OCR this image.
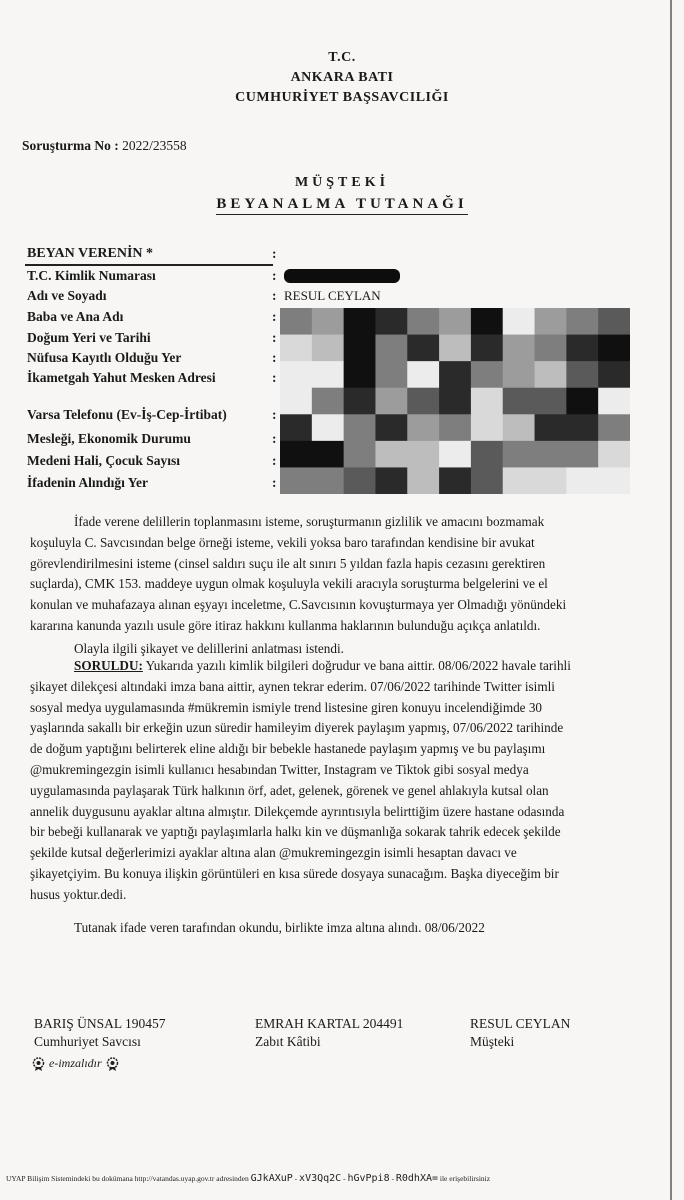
T.C.
ANKARA BATI
CUMHURİYET BAŞSAVCILIĞI
Soruşturma No : 2022/23558
MÜŞTEKİ
BEYANALMA TUTANAĞI
BEYAN VERENİN *	:
T.C. Kimlik Numarası	:
Adı ve Soyadı	: RESUL CEYLAN
Baba ve Ana Adı	:
Doğum Yeri ve Tarihi	:
Nüfusa Kayıtlı Olduğu Yer	:
İkametgah Yahut Mesken Adresi	:
Varsa Telefonu (Ev-İş-Cep-İrtibat)	:
Mesleği, Ekonomik Durumu	:
Medeni Hali, Çocuk Sayısı	:
İfadenin Alındığı Yer	:

İfade verene delillerin toplanmasını isteme, soruşturmanın gizlilik ve amacını bozmamak

koşuluyla C. Savcısından belge örneği isteme, vekili yoksa baro tarafından kendisine bir avukat

görevlendirilmesini isteme (cinsel saldırı suçu ile alt sınırı 5 yıldan fazla hapis cezasını gerektiren

suçlarda), CMK 153. maddeye uygun olmak koşuluyla vekili aracıyla soruşturma belgelerini ve el

konulan ve muhafazaya alınan eşyayı inceletme, C.Savcısının kovuşturmaya yer Olmadığı yönündeki

kararına kanunda yazılı usule göre itiraz hakkını kullanma haklarının bulunduğu açıkça anlatıldı.

Olayla ilgili şikayet ve delillerini anlatması istendi.

SORULDU: Yukarıda yazılı kimlik bilgileri doğrudur ve bana aittir. 08/06/2022 havale tarihli

şikayet dilekçesi altındaki imza bana aittir, aynen tekrar ederim. 07/06/2022 tarihinde Twitter isimli

sosyal medya uygulamasında #mükremin ismiyle trend listesine giren konuyu incelendiğimde 30

yaşlarında sakallı bir erkeğin uzun süredir hamileyim diyerek paylaşım yapmış, 07/06/2022 tarihinde

de doğum yaptığını belirterek eline aldığı bir bebekle hastanede paylaşım yapmış ve bu paylaşımı

@mukremingezgin isimli kullanıcı hesabından Twitter, Instagram ve Tiktok gibi sosyal medya

uygulamasında paylaşarak Türk halkının örf, adet, gelenek, görenek ve genel ahlakıyla kutsal olan

annelik duygusunu ayaklar altına almıştır. Dilekçemde ayrıntısıyla belirttiğim üzere hastane odasında

bir bebeği kullanarak ve yaptığı paylaşımlarla halkı kin ve düşmanlığa sokarak tahrik edecek şekilde

şekilde kutsal değerlerimizi ayaklar altına alan @mukremingezgin isimli hesaptan davacı ve

şikayetçiyim. Bu konuya ilişkin görüntüleri en kısa sürede dosyaya sunacağım. Başka diyeceğim bir

husus yoktur.dedi.

Tutanak ifade veren tarafından okundu, birlikte imza altına alındı. 08/06/2022

BARIŞ ÜNSAL 190457
Cumhuriyet Savcısı
e-imzalıdır
EMRAH KARTAL 204491
Zabıt Kâtibi
RESUL CEYLAN
Müşteki
UYAP Bilişim Sistemindeki bu dokümana http://vatandas.uyap.gov.tr adresinden GJkAXuP - xV3Qq2C - hGvPpi8 - R0dhXA= ile erişebilirsiniz
